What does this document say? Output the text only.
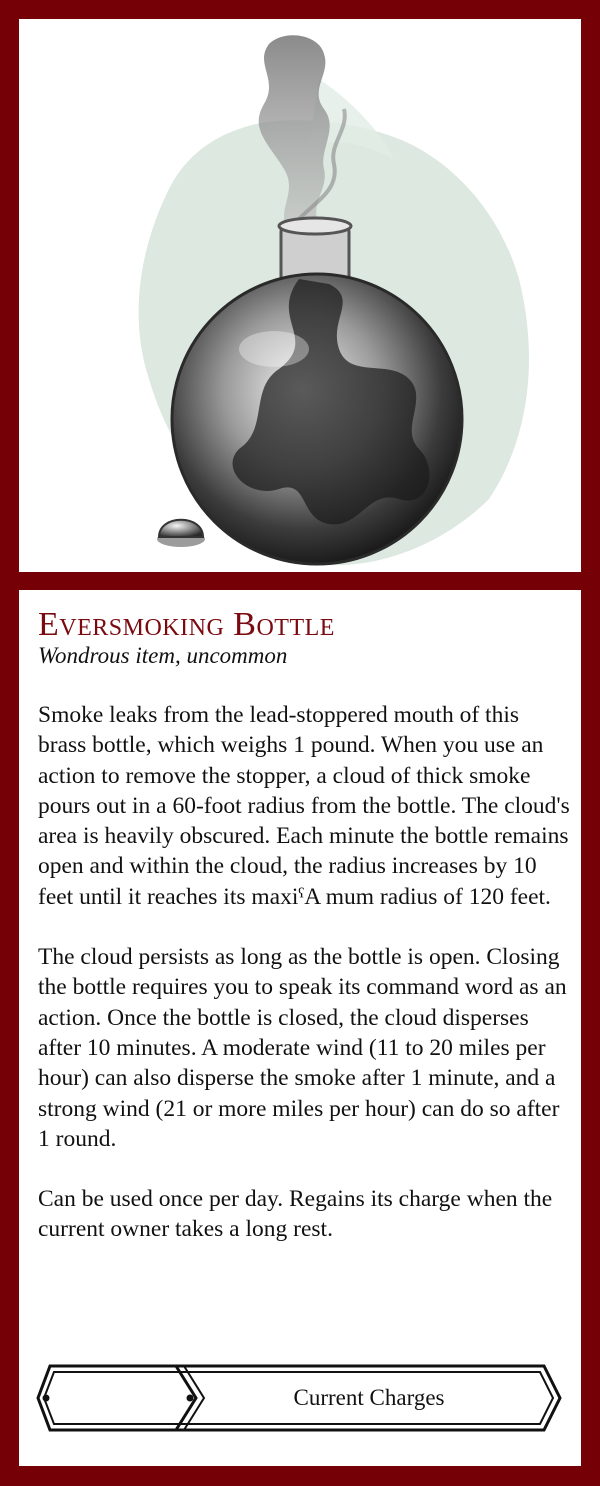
Eversmoking Bottle
Wondrous item, uncommon

Smoke leaks from the lead-stoppered mouth of this brass bottle, which weighs 1 pound. When you use an action to remove the stopper, a cloud of thick smoke pours out in a 60-foot radius from the bottle. The cloud's area is heavily obscured. Each minute the bottle remains open and within the cloud, the radius increases by 10 feet until it reaches its maxiˁA mum radius of 120 feet.

The cloud persists as long as the bottle is open. Closing the bottle requires you to speak its command word as an action. Once the bottle is closed, the cloud disperses after 10 minutes. A moderate wind (11 to 20 miles per hour) can also disperse the smoke after 1 minute, and a strong wind (21 or more miles per hour) can do so after 1 round.

Can be used once per day. Regains its charge when the current owner takes a long rest.

Current Charges
